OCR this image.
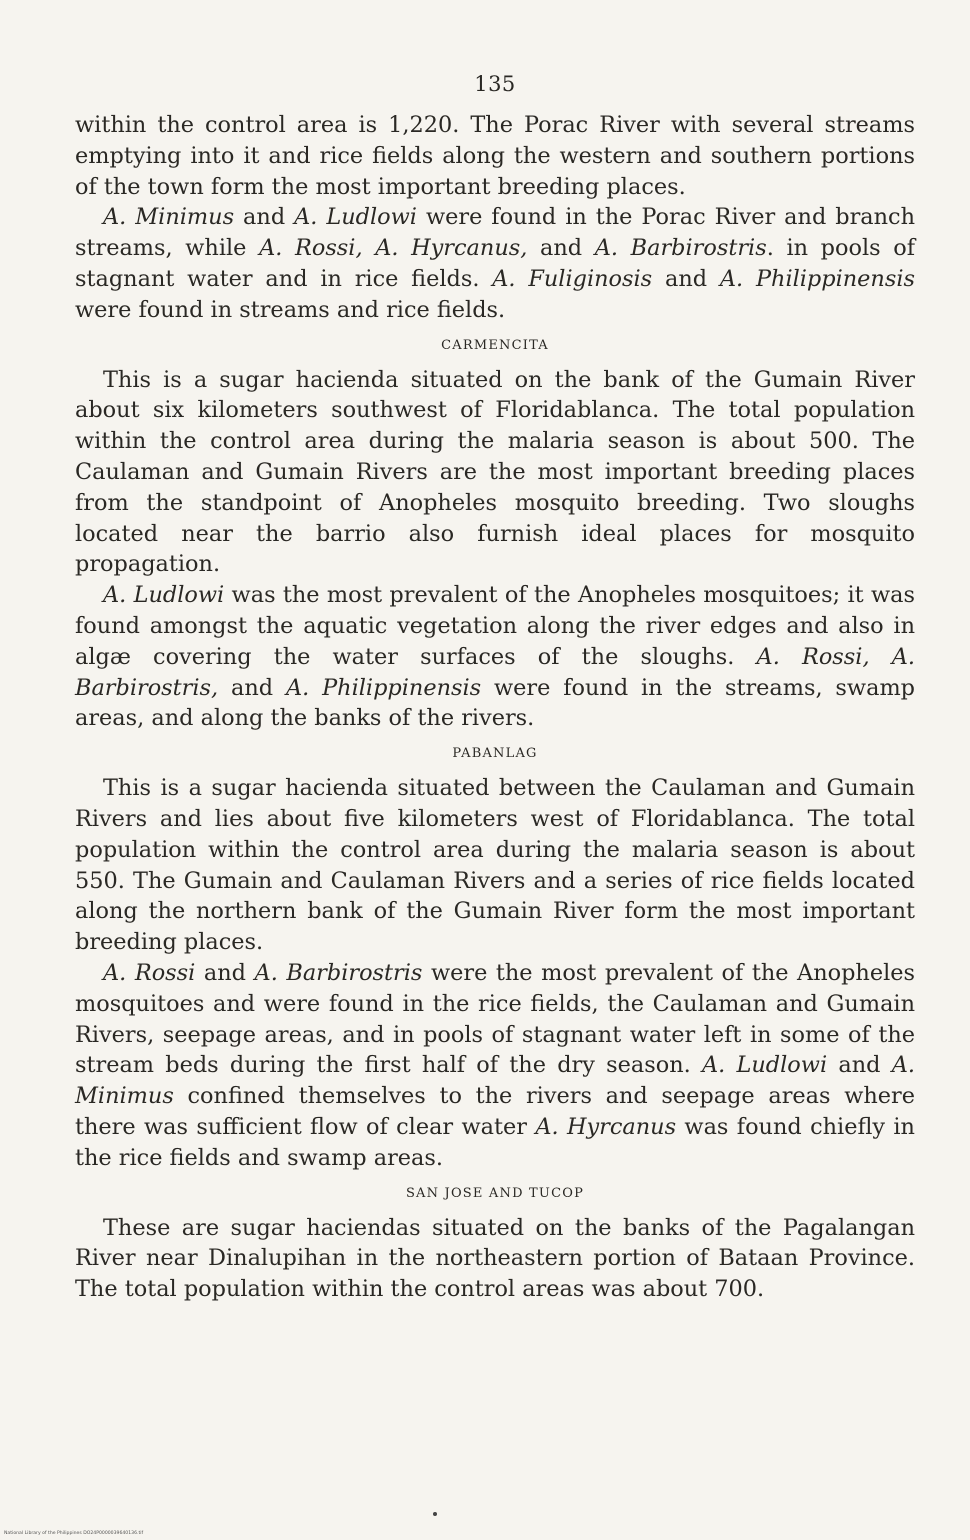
135

within the control area is 1,220. The Porac River with several streams emptying into it and rice fields along the western and southern portions of the town form the most important breeding places.

A. Minimus and A. Ludlowi were found in the Porac River and branch streams, while A. Rossi, A. Hyrcanus, and A. Barbirostris. in pools of stagnant water and in rice fields. A. Fuliginosis and A. Philippinensis were found in streams and rice fields.

CARMENCITA

This is a sugar hacienda situated on the bank of the Gumain River about six kilometers southwest of Floridablanca. The total population within the control area during the malaria season is about 500. The Caulaman and Gumain Rivers are the most important breeding places from the standpoint of Anopheles mosquito breeding. Two sloughs located near the barrio also furnish ideal places for mosquito propagation.

A. Ludlowi was the most prevalent of the Anopheles mosquitoes; it was found amongst the aquatic vegetation along the river edges and also in algæ covering the water surfaces of the sloughs. A. Rossi, A. Barbirostris, and A. Philippinensis were found in the streams, swamp areas, and along the banks of the rivers.

PABANLAG

This is a sugar hacienda situated between the Caulaman and Gumain Rivers and lies about five kilometers west of Floridablanca. The total population within the control area during the malaria season is about 550. The Gumain and Caulaman Rivers and a series of rice fields located along the northern bank of the Gumain River form the most important breeding places.

A. Rossi and A. Barbirostris were the most prevalent of the Anopheles mosquitoes and were found in the rice fields, the Caulaman and Gumain Rivers, seepage areas, and in pools of stagnant water left in some of the stream beds during the first half of the dry season. A. Ludlowi and A. Minimus confined themselves to the rivers and seepage areas where there was sufficient flow of clear water A. Hyrcanus was found chiefly in the rice fields and swamp areas.

SAN JOSE AND TUCOP

These are sugar haciendas situated on the banks of the Pagalangan River near Dinalupihan in the northeastern portion of Bataan Province. The total population within the control areas was about 700.

National Library of the Philippines DO24P0000039640136.tif
